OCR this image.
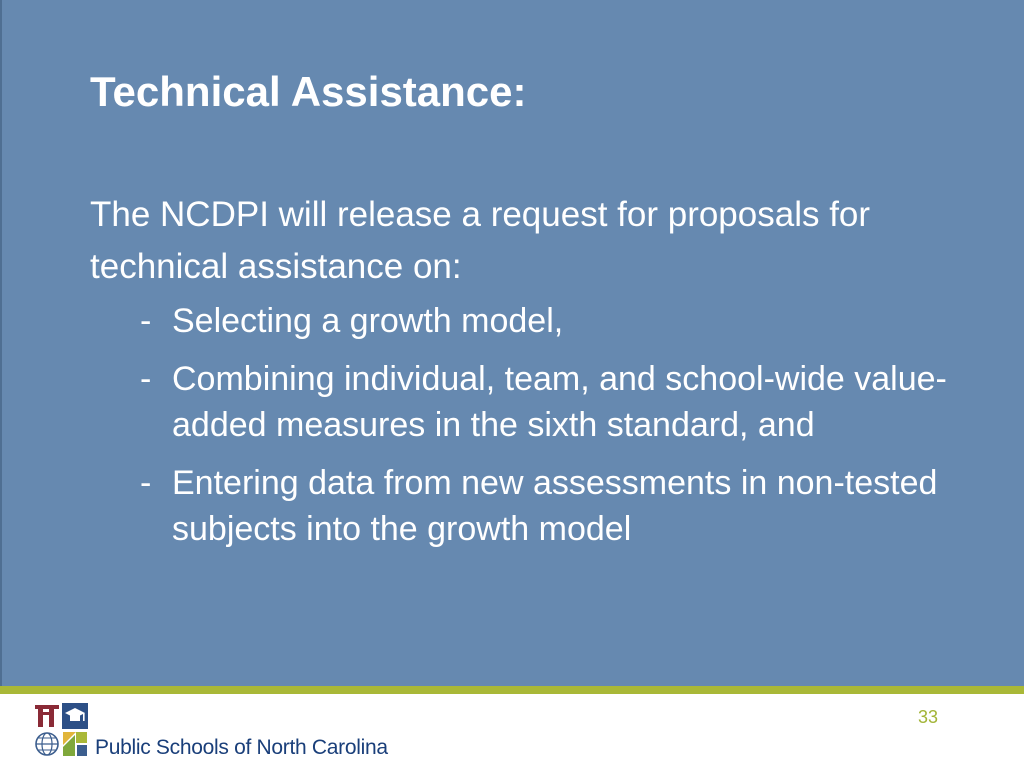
Technical Assistance:

The NCDPI will release a request for proposals for technical assistance on:

- Selecting a growth model,
- Combining individual, team, and school-wide value-added measures in the sixth standard, and
- Entering data from new assessments in non-tested subjects into the growth model
Public Schools of North Carolina
33
